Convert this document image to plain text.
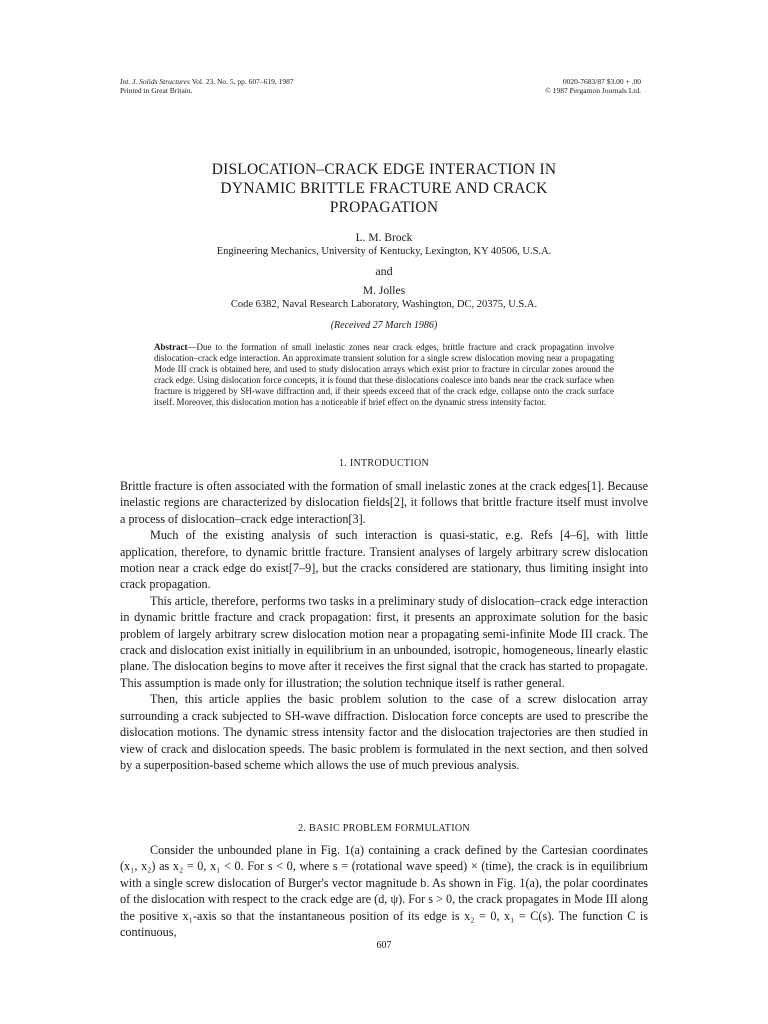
Int. J. Solids Structures Vol. 23, No. 5, pp. 607–619, 1987
Printed in Great Britain.
0020-7683/87 $3.00 + .00
© 1987 Pergamon Journals Ltd.
DISLOCATION–CRACK EDGE INTERACTION IN
DYNAMIC BRITTLE FRACTURE AND CRACK
PROPAGATION
L. M. Brock
Engineering Mechanics, University of Kentucky, Lexington, KY 40506, U.S.A.
and
M. Jolles
Code 6382, Naval Research Laboratory, Washington, DC, 20375, U.S.A.
(Received 27 March 1986)
Abstract—Due to the formation of small inelastic zones near crack edges, brittle fracture and crack propagation involve dislocation–crack edge interaction. An approximate transient solution for a single screw dislocation moving near a propagating Mode III crack is obtained here, and used to study dislocation arrays which exist prior to fracture in circular zones around the crack edge. Using dislocation force concepts, it is found that these dislocations coalesce into bands near the crack surface when fracture is triggered by SH-wave diffraction and, if their speeds exceed that of the crack edge, collapse onto the crack surface itself. Moreover, this dislocation motion has a noticeable if brief effect on the dynamic stress intensity factor.
1. INTRODUCTION

Brittle fracture is often associated with the formation of small inelastic zones at the crack edges[1]. Because inelastic regions are characterized by dislocation fields[2], it follows that brittle fracture itself must involve a process of dislocation–crack edge interaction[3].

Much of the existing analysis of such interaction is quasi-static, e.g. Refs [4–6], with little application, therefore, to dynamic brittle fracture. Transient analyses of largely arbitrary screw dislocation motion near a crack edge do exist[7–9], but the cracks considered are stationary, thus limiting insight into crack propagation.

This article, therefore, performs two tasks in a preliminary study of dislocation–crack edge interaction in dynamic brittle fracture and crack propagation: first, it presents an approximate solution for the basic problem of largely arbitrary screw dislocation motion near a propagating semi-infinite Mode III crack. The crack and dislocation exist initially in equilibrium in an unbounded, isotropic, homogeneous, linearly elastic plane. The dislocation begins to move after it receives the first signal that the crack has started to propagate. This assumption is made only for illustration; the solution technique itself is rather general.

Then, this article applies the basic problem solution to the case of a screw dislocation array surrounding a crack subjected to SH-wave diffraction. Dislocation force concepts are used to prescribe the dislocation motions. The dynamic stress intensity factor and the dislocation trajectories are then studied in view of crack and dislocation speeds. The basic problem is formulated in the next section, and then solved by a superposition-based scheme which allows the use of much previous analysis.

2. BASIC PROBLEM FORMULATION

Consider the unbounded plane in Fig. 1(a) containing a crack defined by the Cartesian coordinates (x₁, x₂) as x₂ = 0, x₁ < 0. For s < 0, where s = (rotational wave speed) × (time), the crack is in equilibrium with a single screw dislocation of Burger's vector magnitude b. As shown in Fig. 1(a), the polar coordinates of the dislocation with respect to the crack edge are (d, ψ). For s > 0, the crack propagates in Mode III along the positive x₁-axis so that the instantaneous position of its edge is x₂ = 0, x₁ = C(s). The function C is continuous,

607
